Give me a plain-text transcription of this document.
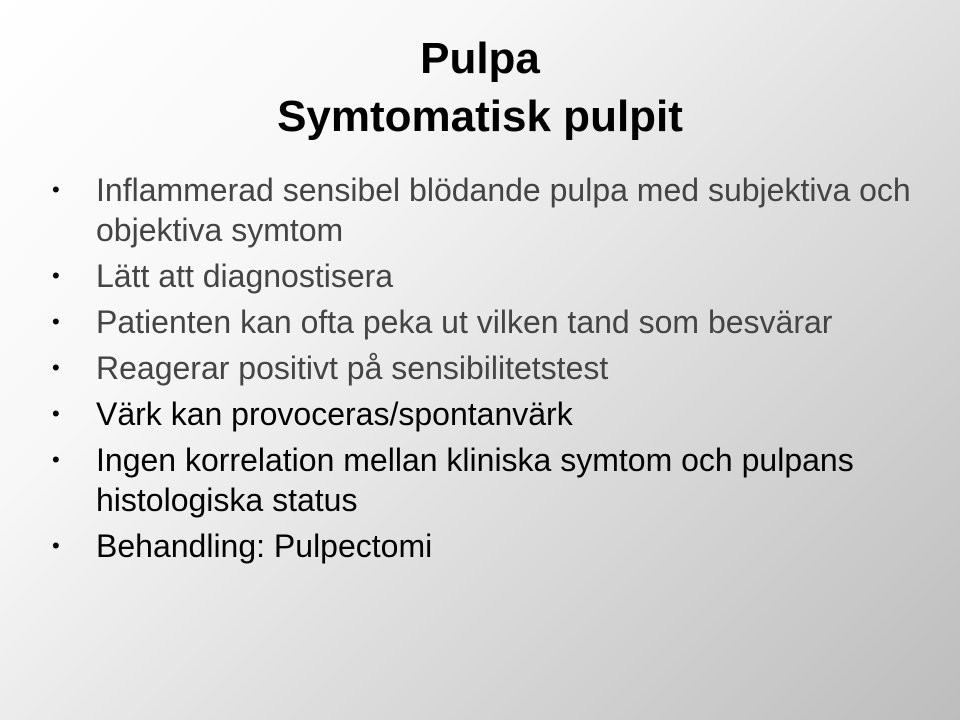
Pulpa
Symtomatisk pulpit
•	Inflammerad sensibel blödande pulpa med subjektiva och objektiva symtom
•	Lätt att diagnostisera
•	Patienten kan ofta peka ut vilken tand som besvärar
•	Reagerar positivt på sensibilitetstest
•	Värk kan provoceras/spontanvärk
•	Ingen korrelation mellan kliniska symtom och pulpans histologiska status
•	Behandling: Pulpectomi
